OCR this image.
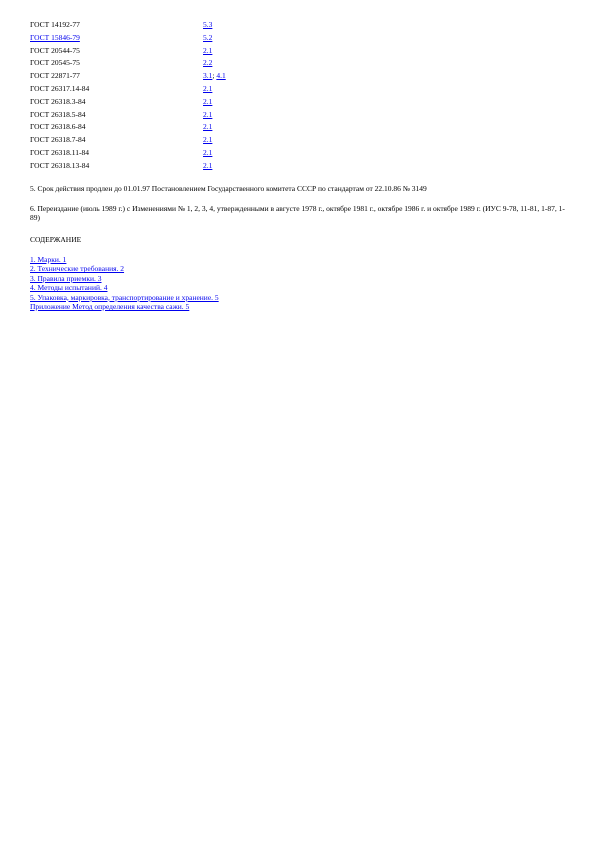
ГОСТ 14192-77	5.3
ГОСТ 15846-79	5.2
ГОСТ 20544-75	2.1
ГОСТ 20545-75	2.2
ГОСТ 22871-77	3.1; 4.1
ГОСТ 26317.14-84	2.1
ГОСТ 26318.3-84	2.1
ГОСТ 26318.5-84	2.1
ГОСТ 26318.6-84	2.1
ГОСТ 26318.7-84	2.1
ГОСТ 26318.11-84	2.1
ГОСТ 26318.13-84	2.1
5. Срок действия продлен до 01.01.97 Постановлением Государственного комитета СССР по стандартам от 22.10.86 № 3149
6. Переиздание (июль 1989 г.) с Изменениями № 1, 2, 3, 4, утвержденными в августе 1978 г., октябре 1981 г., октябре 1986 г. и октябре 1989 г. (ИУС 9-78, 11-81, 1-87, 1-89)
СОДЕРЖАНИЕ
1. Марки. 1
2. Технические требования. 2
3. Правила приемки. 3
4. Методы испытаний. 4
5. Упаковка, маркировка, транспортирование и хранение. 5
Приложение Метод определения качества сажи. 5
